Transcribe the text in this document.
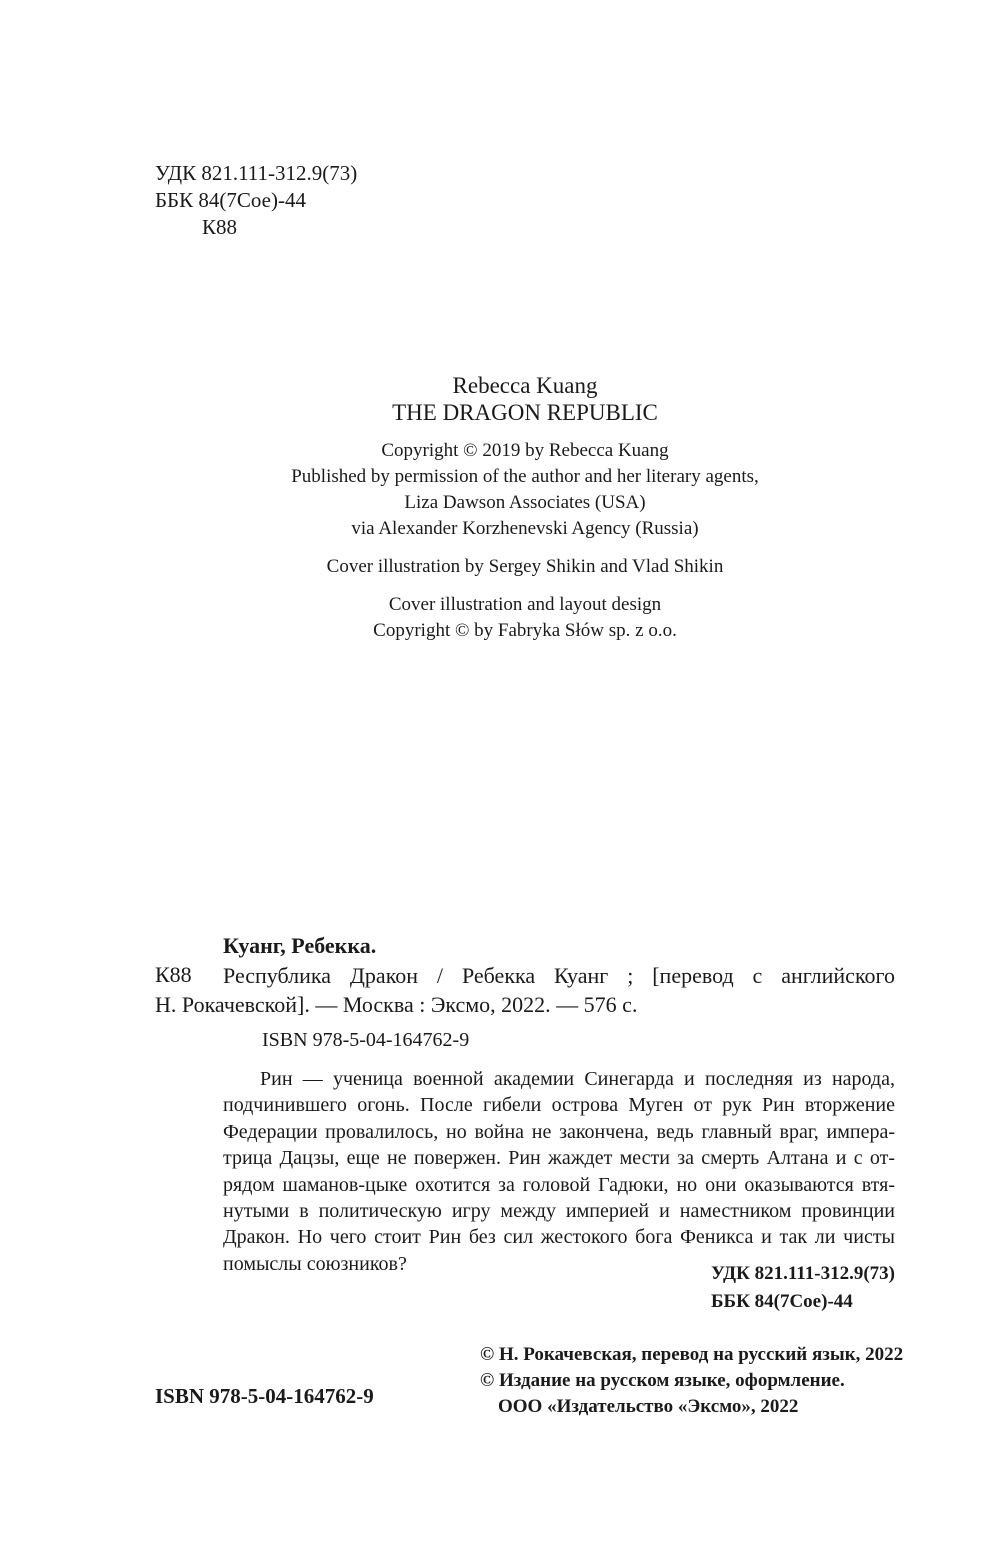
УДК 821.111-312.9(73)
ББК 84(7Сое)-44
К88
Rebecca Kuang
THE DRAGON REPUBLIC
Copyright © 2019 by Rebecca Kuang
Published by permission of the author and her literary agents,
Liza Dawson Associates (USA)
via Alexander Korzhenevski Agency (Russia)
Cover illustration by Sergey Shikin and Vlad Shikin
Cover illustration and layout design
Copyright © by Fabryka Słów sp. z o.o.
Куанг, Ребекка.
К88 Республика Дракон / Ребекка Куанг ; [перевод с английского
Н. Рокачевской]. — Москва : Эксмо, 2022. — 576 с.
ISBN 978-5-04-164762-9
Рин — ученица военной академии Синегарда и последняя из народа,
подчинившего огонь. После гибели острова Муген от рук Рин вторжение
Федерации провалилось, но война не закончена, ведь главный враг, импера-
трица Дацзы, еще не повержен. Рин жаждет мести за смерть Алтана и с от-
рядом шаманов-цыке охотится за головой Гадюки, но они оказываются втя-
нутыми в политическую игру между империей и наместником провинции
Дракон. Но чего стоит Рин без сил жестокого бога Феникса и так ли чисты
помыслы союзников?	УДК 821.111-312.9(73)
ББК 84(7Сое)-44
© Н. Рокачевская, перевод на русский язык, 2022
© Издание на русском языке, оформление.
ООО «Издательство «Эксмо», 2022
ISBN 978-5-04-164762-9
